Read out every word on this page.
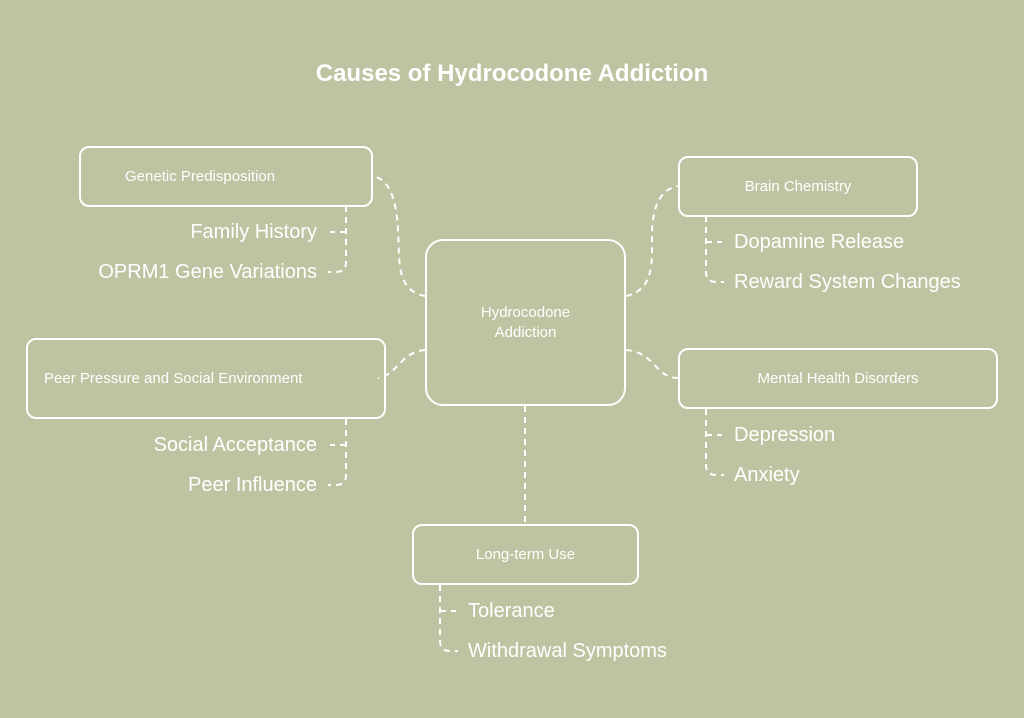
Causes of Hydrocodone Addiction
Hydrocodone
Addiction
Genetic Predisposition
Family History
OPRM1 Gene Variations
Brain Chemistry
Dopamine Release
Reward System Changes
Peer Pressure and Social Environment
Social Acceptance
Peer Influence
Mental Health Disorders
Depression
Anxiety
Long-term Use
Tolerance
Withdrawal Symptoms
